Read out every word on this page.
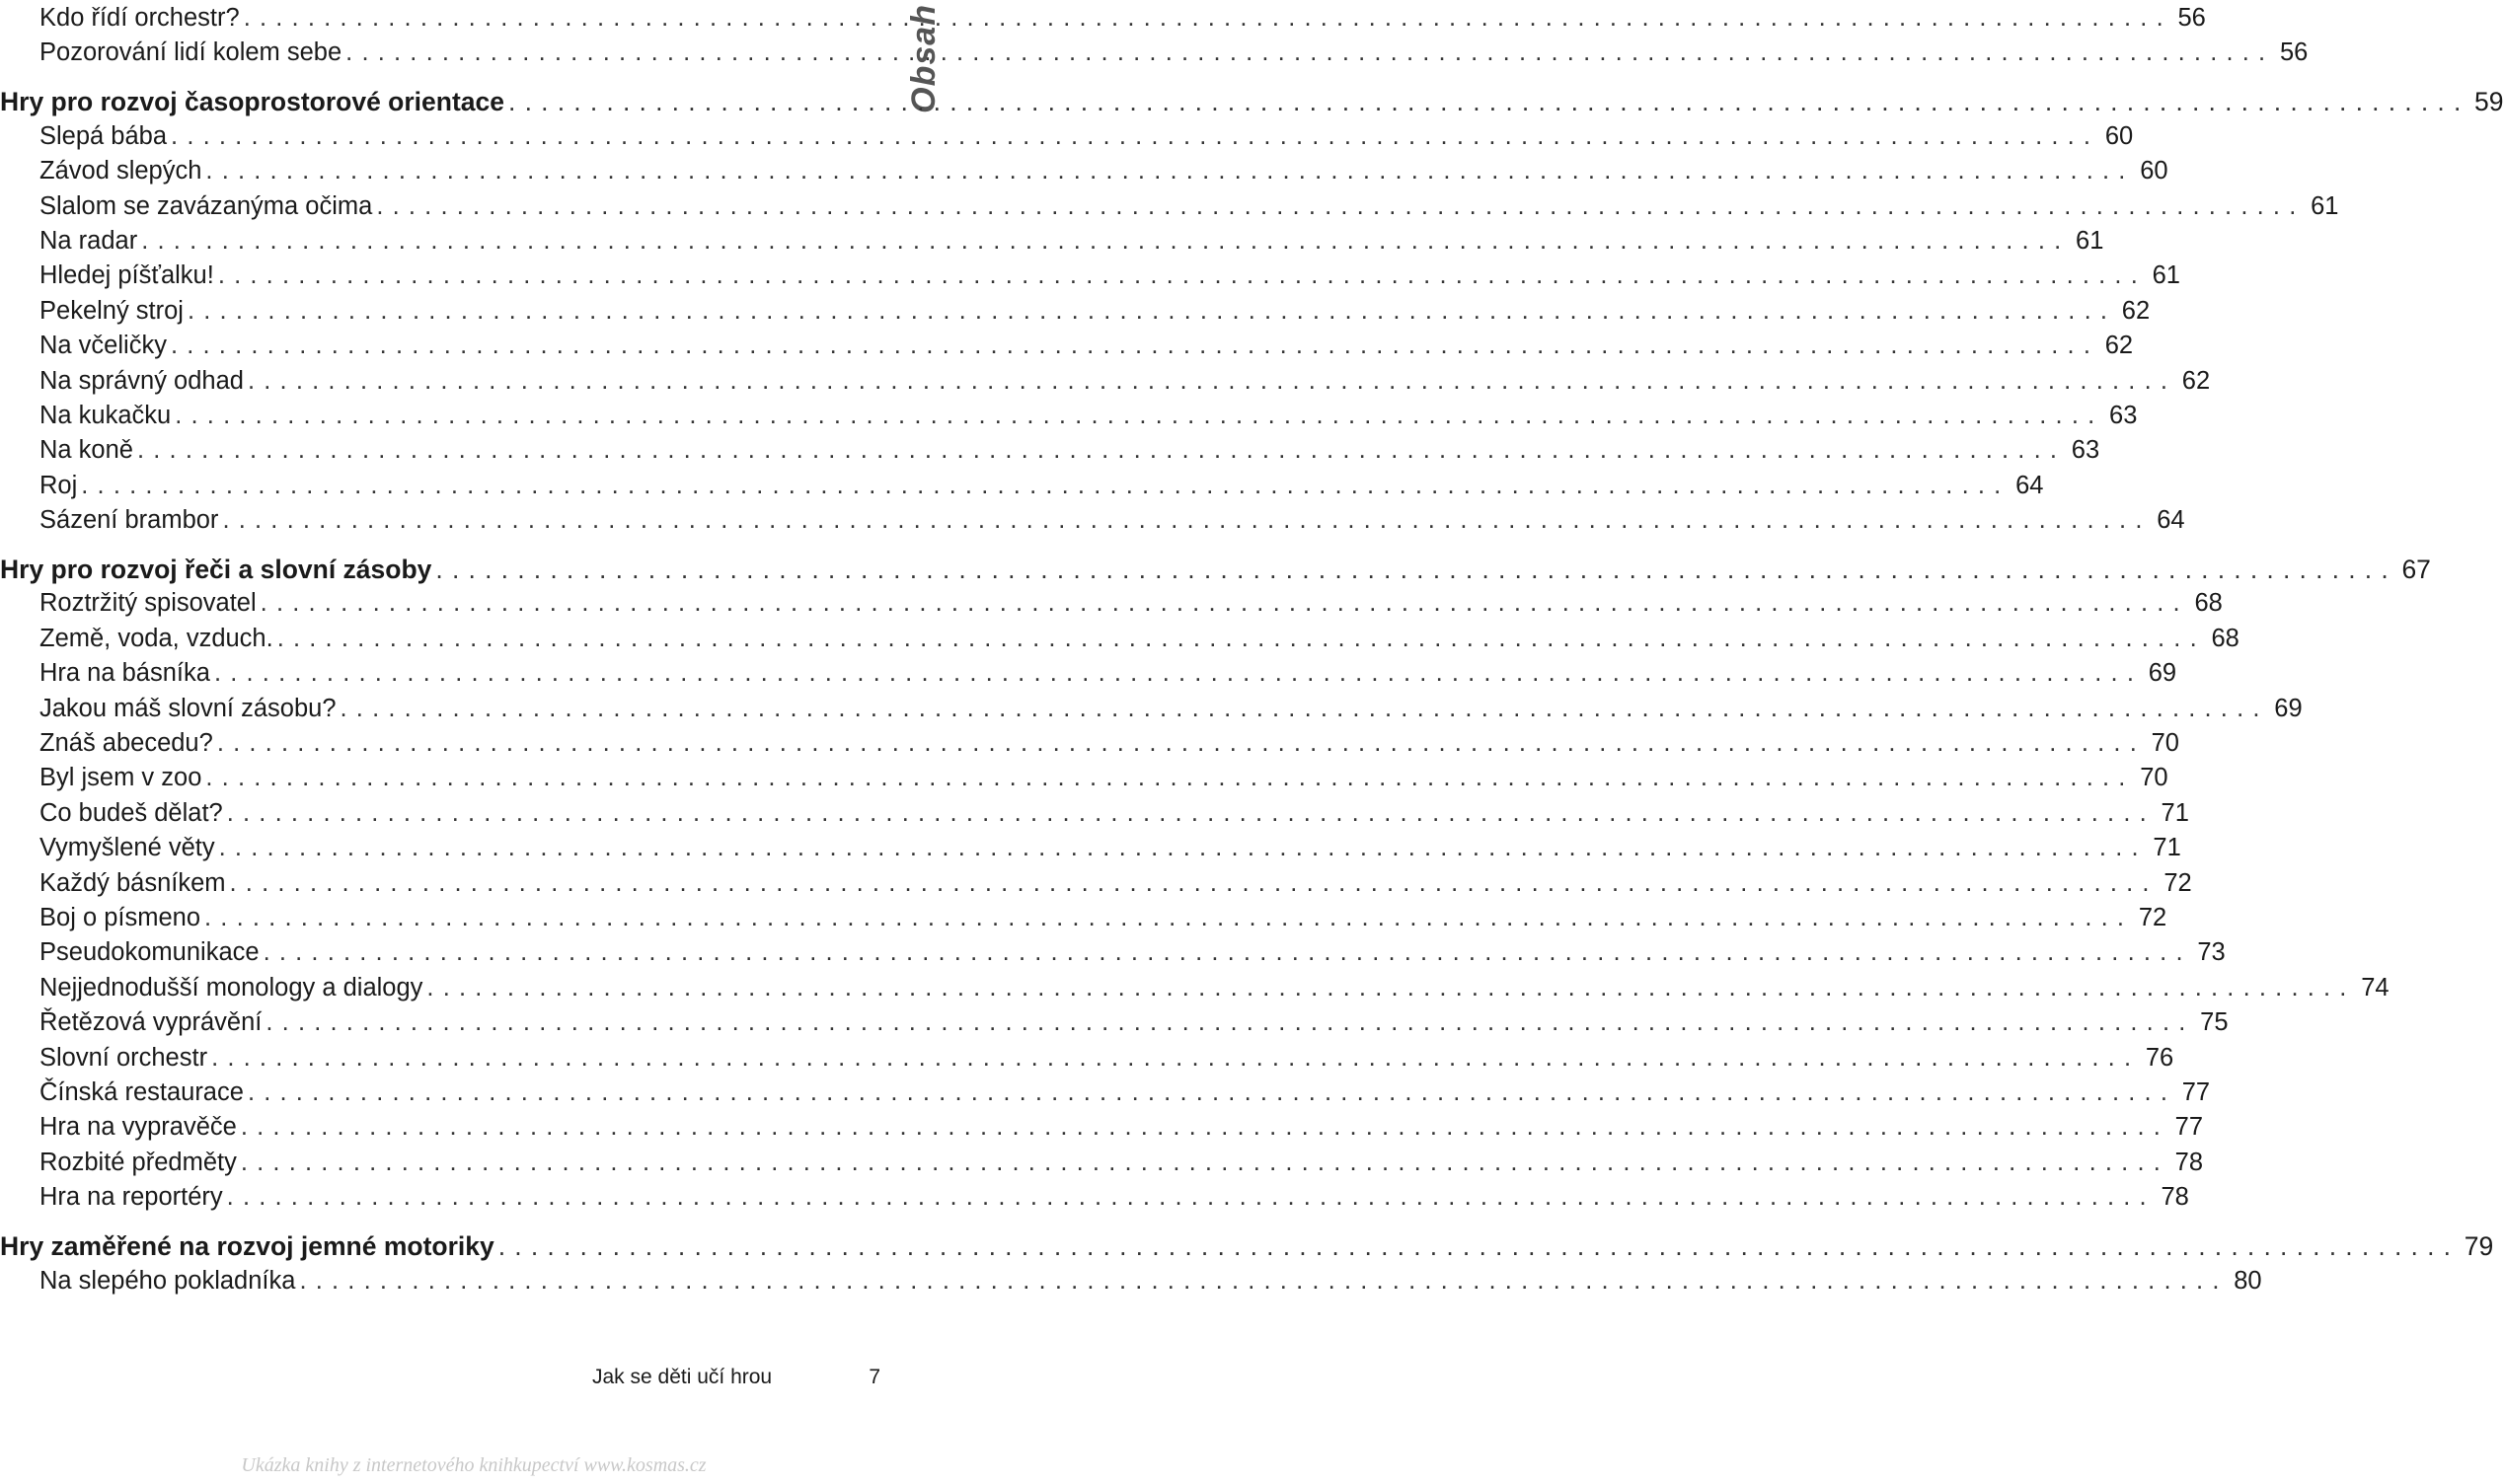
Obsah
Kdo řídí orchestr? ........................................................................................................................ 56
Pozorování lidí kolem sebe ........................................................................................................................ 56
Hry pro rozvoj časoprostorové orientace ........................................................................................................................ 59
Slepá bába ........................................................................................................................ 60
Závod slepých ........................................................................................................................ 60
Slalom se zavázanýma očima ........................................................................................................................ 61
Na radar ........................................................................................................................ 61
Hledej píšťalku! ........................................................................................................................ 61
Pekelný stroj ........................................................................................................................ 62
Na včeličky ........................................................................................................................ 62
Na správný odhad ........................................................................................................................ 62
Na kukačku ........................................................................................................................ 63
Na koně ........................................................................................................................ 63
Roj ........................................................................................................................ 64
Sázení brambor ........................................................................................................................ 64
Hry pro rozvoj řeči a slovní zásoby ........................................................................................................................ 67
Roztržitý spisovatel ........................................................................................................................ 68
Země, voda, vzduch. ........................................................................................................................ 68
Hra na básníka ........................................................................................................................ 69
Jakou máš slovní zásobu? ........................................................................................................................ 69
Znáš abecedu? ........................................................................................................................ 70
Byl jsem v zoo ........................................................................................................................ 70
Co budeš dělat? ........................................................................................................................ 71
Vymyšlené věty ........................................................................................................................ 71
Každý básníkem ........................................................................................................................ 72
Boj o písmeno ........................................................................................................................ 72
Pseudokomunikace ........................................................................................................................ 73
Nejjednodušší monology a dialogy ........................................................................................................................ 74
Řetězová vyprávění ........................................................................................................................ 75
Slovní orchestr ........................................................................................................................ 76
Čínská restaurace ........................................................................................................................ 77
Hra na vypravěče ........................................................................................................................ 77
Rozbité předměty ........................................................................................................................ 78
Hra na reportéry ........................................................................................................................ 78
Hry zaměřené na rozvoj jemné motoriky ........................................................................................................................ 79
Na slepého pokladníka ........................................................................................................................ 80
Jak se děti učí hrou	7
Ukázka knihy z internetového knihkupectví www.kosmas.cz
